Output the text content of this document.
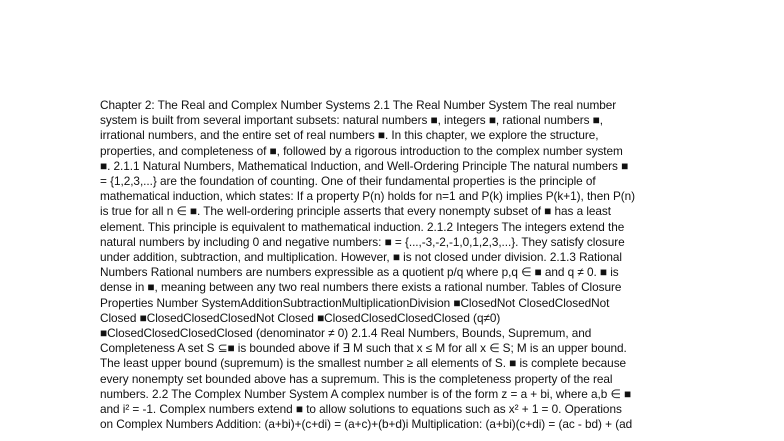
Chapter 2: The Real and Complex Number Systems 2.1 The Real Number System The real number
system is built from several important subsets: natural numbers ■, integers ■, rational numbers ■,
irrational numbers, and the entire set of real numbers ■. In this chapter, we explore the structure,
properties, and completeness of ■, followed by a rigorous introduction to the complex number system
■. 2.1.1 Natural Numbers, Mathematical Induction, and Well-Ordering Principle The natural numbers ■
= {1,2,3,...} are the foundation of counting. One of their fundamental properties is the principle of
mathematical induction, which states: If a property P(n) holds for n=1 and P(k) implies P(k+1), then P(n)
is true for all n ∈ ■. The well-ordering principle asserts that every nonempty subset of ■ has a least
element. This principle is equivalent to mathematical induction. 2.1.2 Integers The integers extend the
natural numbers by including 0 and negative numbers: ■ = {...,-3,-2,-1,0,1,2,3,...}. They satisfy closure
under addition, subtraction, and multiplication. However, ■ is not closed under division. 2.1.3 Rational
Numbers Rational numbers are numbers expressible as a quotient p/q where p,q ∈ ■ and q ≠ 0. ■ is
dense in ■, meaning between any two real numbers there exists a rational number. Tables of Closure
Properties Number SystemAdditionSubtractionMultiplicationDivision ■ClosedNot ClosedClosedNot
Closed ■ClosedClosedClosedNot Closed ■ClosedClosedClosedClosed (q≠0)
■ClosedClosedClosedClosed (denominator ≠ 0) 2.1.4 Real Numbers, Bounds, Supremum, and
Completeness A set S ⊆■ is bounded above if ∃ M such that x ≤ M for all x ∈ S; M is an upper bound.
The least upper bound (supremum) is the smallest number ≥ all elements of S. ■ is complete because
every nonempty set bounded above has a supremum. This is the completeness property of the real
numbers. 2.2 The Complex Number System A complex number is of the form z = a + bi, where a,b ∈ ■
and i² = -1. Complex numbers extend ■ to allow solutions to equations such as x² + 1 = 0. Operations
on Complex Numbers Addition: (a+bi)+(c+di) = (a+c)+(b+d)i Multiplication: (a+bi)(c+di) = (ac - bd) + (ad
